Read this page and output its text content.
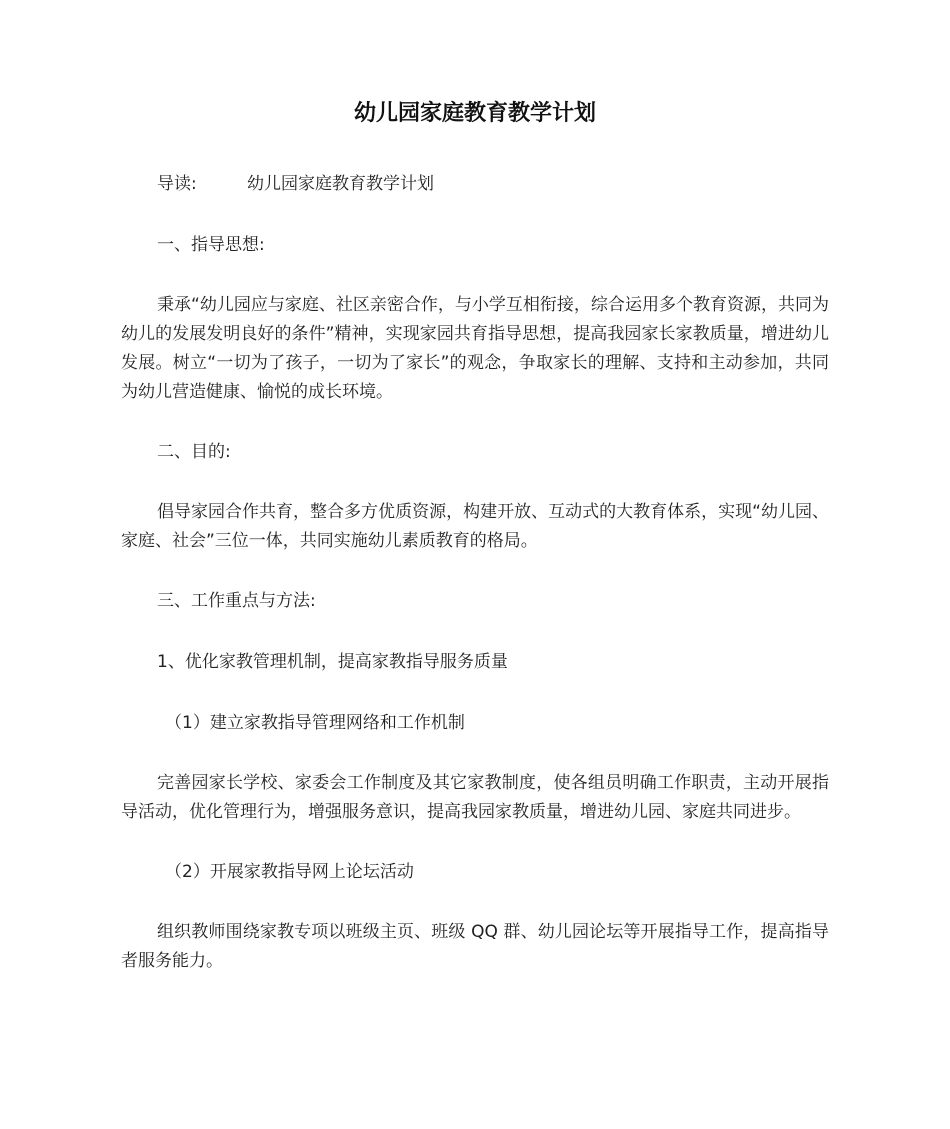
幼儿园家庭教育教学计划

导读:	幼儿园家庭教育教学计划

一、指导思想:

秉承“幼儿园应与家庭、社区亲密合作，与小学互相衔接，综合运用多个教育资源，共同为幼儿的发展发明良好的条件”精神，实现家园共育指导思想，提高我园家长家教质量，增进幼儿发展。树立“一切为了孩子，一切为了家长”的观念，争取家长的理解、支持和主动参加，共同为幼儿营造健康、愉悦的成长环境。

二、目的:

倡导家园合作共育，整合多方优质资源，构建开放、互动式的大教育体系，实现“幼儿园、家庭、社会”三位一体，共同实施幼儿素质教育的格局。

三、工作重点与方法:

1、优化家教管理机制，提高家教指导服务质量

（1）建立家教指导管理网络和工作机制

完善园家长学校、家委会工作制度及其它家教制度，使各组员明确工作职责，主动开展指导活动，优化管理行为，增强服务意识，提高我园家教质量，增进幼儿园、家庭共同进步。

（2）开展家教指导网上论坛活动

组织教师围绕家教专项以班级主页、班级 QQ 群、幼儿园论坛等开展指导工作，提高指导者服务能力。
